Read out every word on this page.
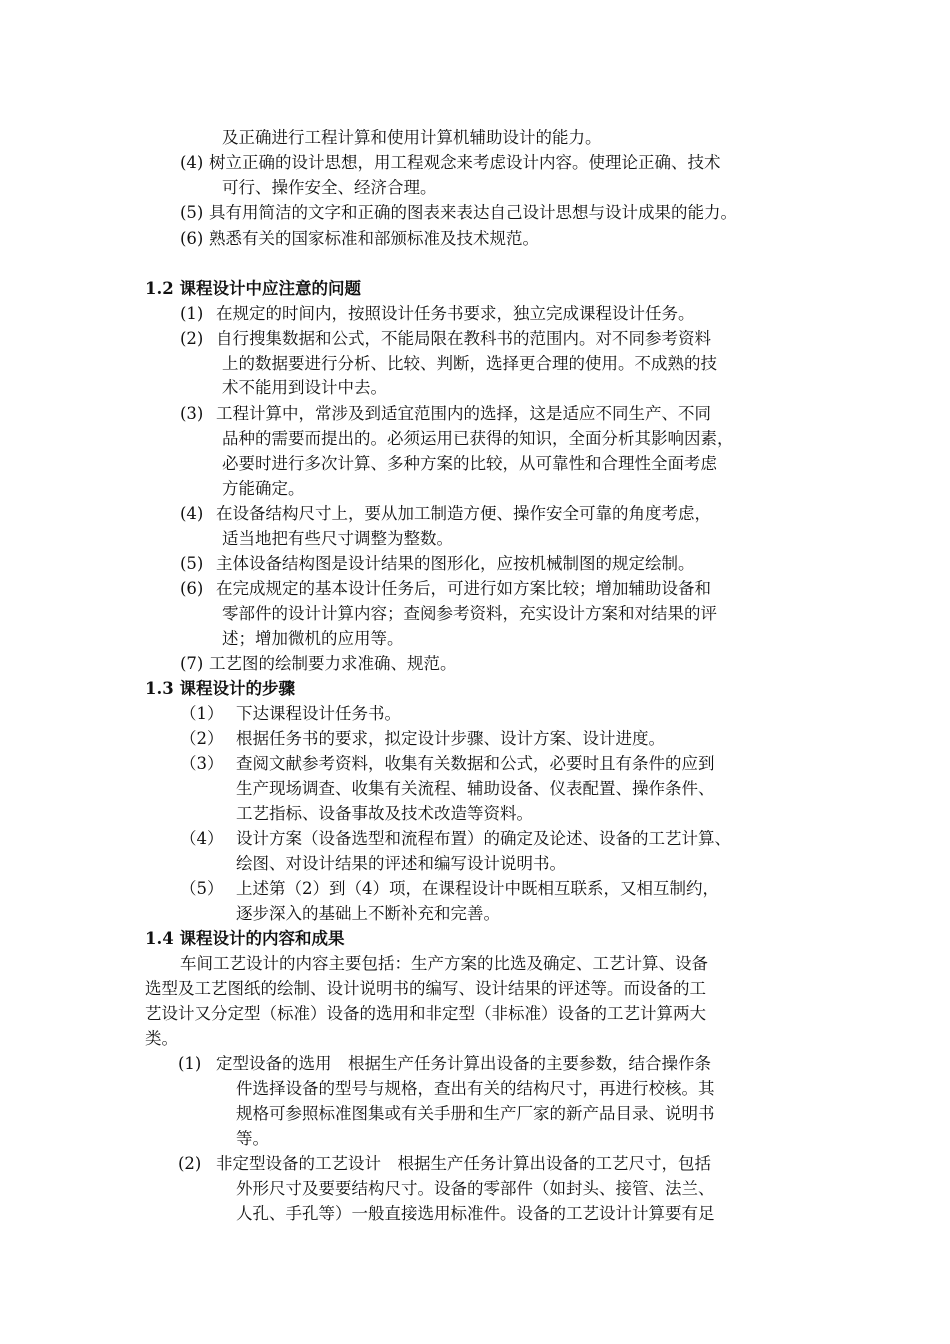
及正确进行工程计算和使用计算机辅助设计的能力。
(4) 树立正确的设计思想，用工程观念来考虑设计内容。使理论正确、技术
可行、操作安全、经济合理。
(5) 具有用简洁的文字和正确的图表来表达自己设计思想与设计成果的能力。
(6) 熟悉有关的国家标准和部颁标准及技术规范。
1.2 课程设计中应注意的问题
(1) 在规定的时间内，按照设计任务书要求，独立完成课程设计任务。
(2) 自行搜集数据和公式，不能局限在教科书的范围内。对不同参考资料
上的数据要进行分析、比较、判断，选择更合理的使用。不成熟的技
术不能用到设计中去。
(3) 工程计算中，常涉及到适宜范围内的选择，这是适应不同生产、不同
品种的需要而提出的。必须运用已获得的知识，全面分析其影响因素，
必要时进行多次计算、多种方案的比较，从可靠性和合理性全面考虑
方能确定。
(4) 在设备结构尺寸上，要从加工制造方便、操作安全可靠的角度考虑，
适当地把有些尺寸调整为整数。
(5) 主体设备结构图是设计结果的图形化，应按机械制图的规定绘制。
(6) 在完成规定的基本设计任务后，可进行如方案比较；增加辅助设备和
零部件的设计计算内容；查阅参考资料，充实设计方案和对结果的评
述；增加微机的应用等。
(7) 工艺图的绘制要力求准确、规范。
1.3 课程设计的步骤
（1） 下达课程设计任务书。
（2） 根据任务书的要求，拟定设计步骤、设计方案、设计进度。
（3） 查阅文献参考资料，收集有关数据和公式，必要时且有条件的应到
生产现场调查、收集有关流程、辅助设备、仪表配置、操作条件、
工艺指标、设备事故及技术改造等资料。
（4） 设计方案（设备选型和流程布置）的确定及论述、设备的工艺计算、
绘图、对设计结果的评述和编写设计说明书。
（5） 上述第（2）到（4）项，在课程设计中既相互联系，又相互制约，
逐步深入的基础上不断补充和完善。
1.4 课程设计的内容和成果
车间工艺设计的内容主要包括：生产方案的比选及确定、工艺计算、设备
选型及工艺图纸的绘制、设计说明书的编写、设计结果的评述等。而设备的工
艺设计又分定型（标准）设备的选用和非定型（非标准）设备的工艺计算两大
类。
(1) 定型设备的选用　根据生产任务计算出设备的主要参数，结合操作条
件选择设备的型号与规格，查出有关的结构尺寸，再进行校核。其
规格可参照标准图集或有关手册和生产厂家的新产品目录、说明书
等。
(2) 非定型设备的工艺设计　根据生产任务计算出设备的工艺尺寸，包括
外形尺寸及要要结构尺寸。设备的零部件（如封头、接管、法兰、
人孔、手孔等）一般直接选用标准件。设备的工艺设计计算要有足
